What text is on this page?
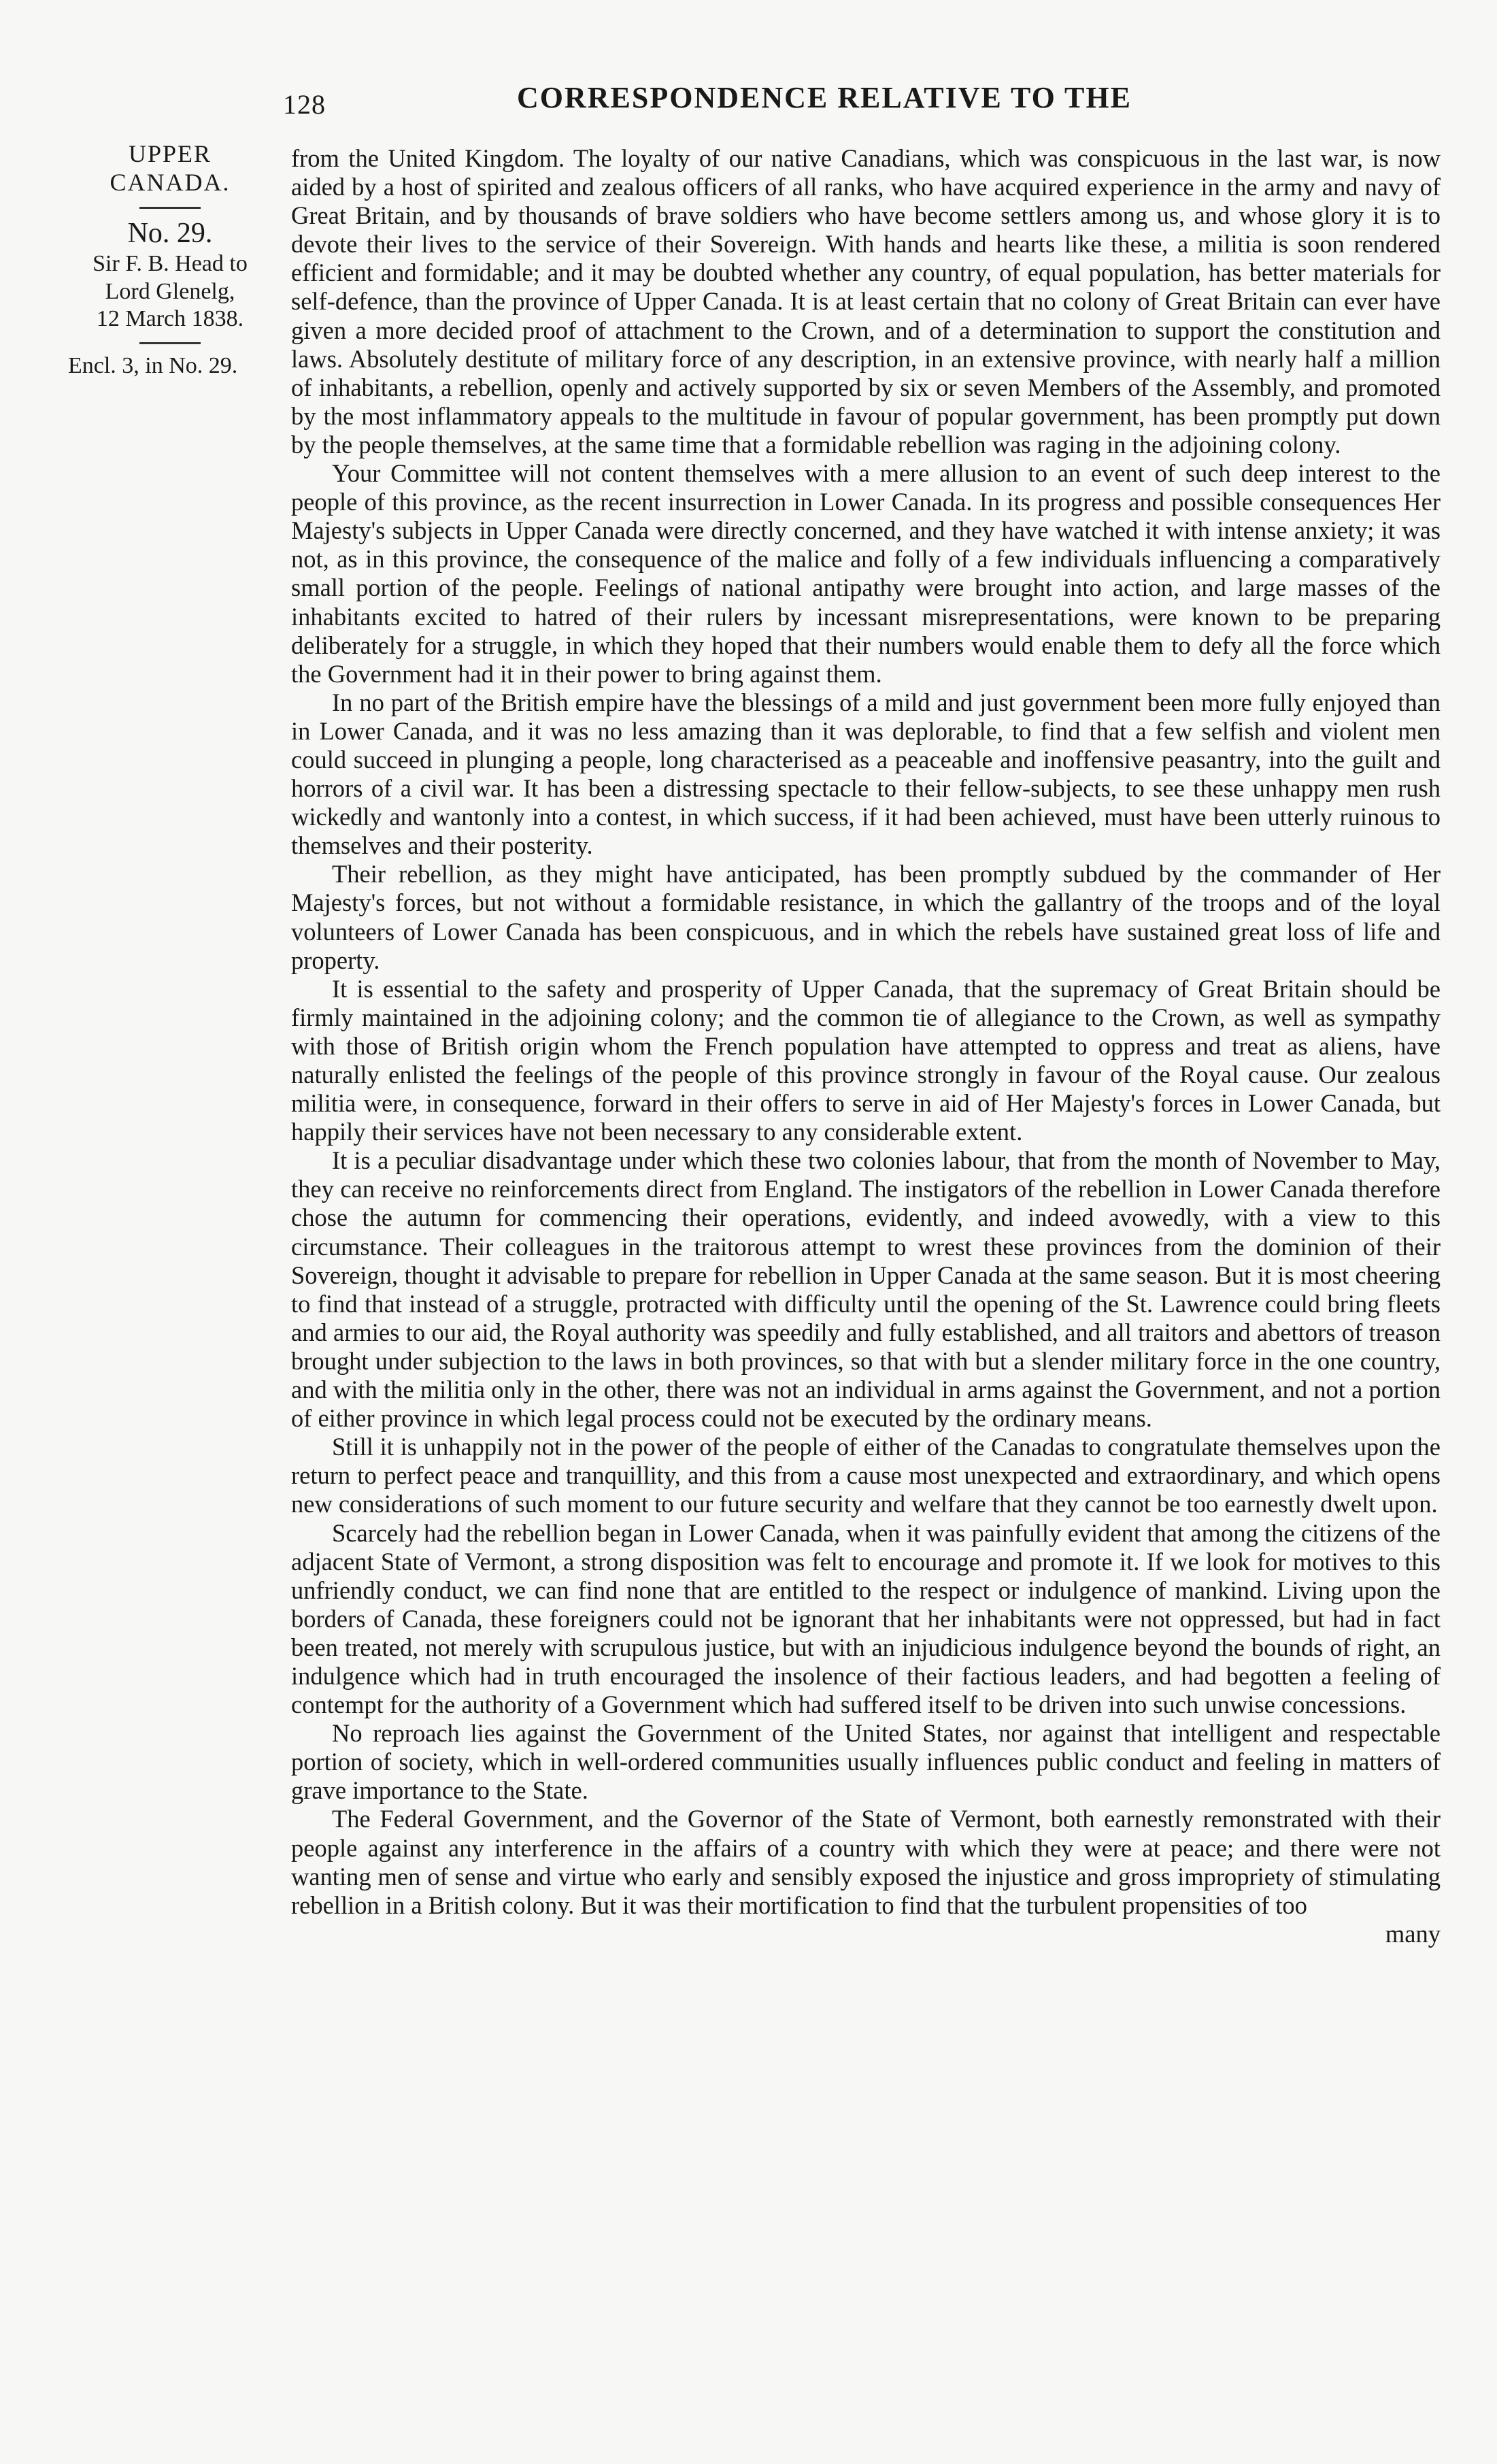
128	CORRESPONDENCE RELATIVE TO THE
UPPER
CANADA.
No. 29.
Sir F. B. Head to
Lord Glenelg,
12 March 1838.
Encl. 3, in No. 29.

from the United Kingdom. The loyalty of our native Canadians, which was conspicuous in the last war, is now aided by a host of spirited and zealous officers of all ranks, who have acquired experience in the army and navy of Great Britain, and by thousands of brave soldiers who have become settlers among us, and whose glory it is to devote their lives to the service of their Sovereign. With hands and hearts like these, a militia is soon rendered efficient and formidable; and it may be doubted whether any country, of equal population, has better materials for self-defence, than the province of Upper Canada. It is at least certain that no colony of Great Britain can ever have given a more decided proof of attachment to the Crown, and of a determination to support the constitution and laws. Absolutely destitute of military force of any description, in an extensive province, with nearly half a million of inhabitants, a rebellion, openly and actively supported by six or seven Members of the Assembly, and promoted by the most inflammatory appeals to the multitude in favour of popular government, has been promptly put down by the people themselves, at the same time that a formidable rebellion was raging in the adjoining colony.

Your Committee will not content themselves with a mere allusion to an event of such deep interest to the people of this province, as the recent insurrection in Lower Canada. In its progress and possible consequences Her Majesty's subjects in Upper Canada were directly concerned, and they have watched it with intense anxiety; it was not, as in this province, the consequence of the malice and folly of a few individuals influencing a comparatively small portion of the people. Feelings of national antipathy were brought into action, and large masses of the inhabitants excited to hatred of their rulers by incessant misrepresentations, were known to be preparing deliberately for a struggle, in which they hoped that their numbers would enable them to defy all the force which the Government had it in their power to bring against them.

In no part of the British empire have the blessings of a mild and just government been more fully enjoyed than in Lower Canada, and it was no less amazing than it was deplorable, to find that a few selfish and violent men could succeed in plunging a people, long characterised as a peaceable and inoffensive peasantry, into the guilt and horrors of a civil war. It has been a distressing spectacle to their fellow-subjects, to see these unhappy men rush wickedly and wantonly into a contest, in which success, if it had been achieved, must have been utterly ruinous to themselves and their posterity.

Their rebellion, as they might have anticipated, has been promptly subdued by the commander of Her Majesty's forces, but not without a formidable resistance, in which the gallantry of the troops and of the loyal volunteers of Lower Canada has been conspicuous, and in which the rebels have sustained great loss of life and property.

It is essential to the safety and prosperity of Upper Canada, that the supremacy of Great Britain should be firmly maintained in the adjoining colony; and the common tie of allegiance to the Crown, as well as sympathy with those of British origin whom the French population have attempted to oppress and treat as aliens, have naturally enlisted the feelings of the people of this province strongly in favour of the Royal cause. Our zealous militia were, in consequence, forward in their offers to serve in aid of Her Majesty's forces in Lower Canada, but happily their services have not been necessary to any considerable extent.

It is a peculiar disadvantage under which these two colonies labour, that from the month of November to May, they can receive no reinforcements direct from England. The instigators of the rebellion in Lower Canada therefore chose the autumn for commencing their operations, evidently, and indeed avowedly, with a view to this circumstance. Their colleagues in the traitorous attempt to wrest these provinces from the dominion of their Sovereign, thought it advisable to prepare for rebellion in Upper Canada at the same season. But it is most cheering to find that instead of a struggle, protracted with difficulty until the opening of the St. Lawrence could bring fleets and armies to our aid, the Royal authority was speedily and fully established, and all traitors and abettors of treason brought under subjection to the laws in both provinces, so that with but a slender military force in the one country, and with the militia only in the other, there was not an individual in arms against the Government, and not a portion of either province in which legal process could not be executed by the ordinary means.

Still it is unhappily not in the power of the people of either of the Canadas to congratulate themselves upon the return to perfect peace and tranquillity, and this from a cause most unexpected and extraordinary, and which opens new considerations of such moment to our future security and welfare that they cannot be too earnestly dwelt upon.

Scarcely had the rebellion began in Lower Canada, when it was painfully evident that among the citizens of the adjacent State of Vermont, a strong disposition was felt to encourage and promote it. If we look for motives to this unfriendly conduct, we can find none that are entitled to the respect or indulgence of mankind. Living upon the borders of Canada, these foreigners could not be ignorant that her inhabitants were not oppressed, but had in fact been treated, not merely with scrupulous justice, but with an injudicious indulgence beyond the bounds of right, an indulgence which had in truth encouraged the insolence of their factious leaders, and had begotten a feeling of contempt for the authority of a Government which had suffered itself to be driven into such unwise concessions.

No reproach lies against the Government of the United States, nor against that intelligent and respectable portion of society, which in well-ordered communities usually influences public conduct and feeling in matters of grave importance to the State.

The Federal Government, and the Governor of the State of Vermont, both earnestly remonstrated with their people against any interference in the affairs of a country with which they were at peace; and there were not wanting men of sense and virtue who early and sensibly exposed the injustice and gross impropriety of stimulating rebellion in a British colony. But it was their mortification to find that the turbulent propensities of too

many
